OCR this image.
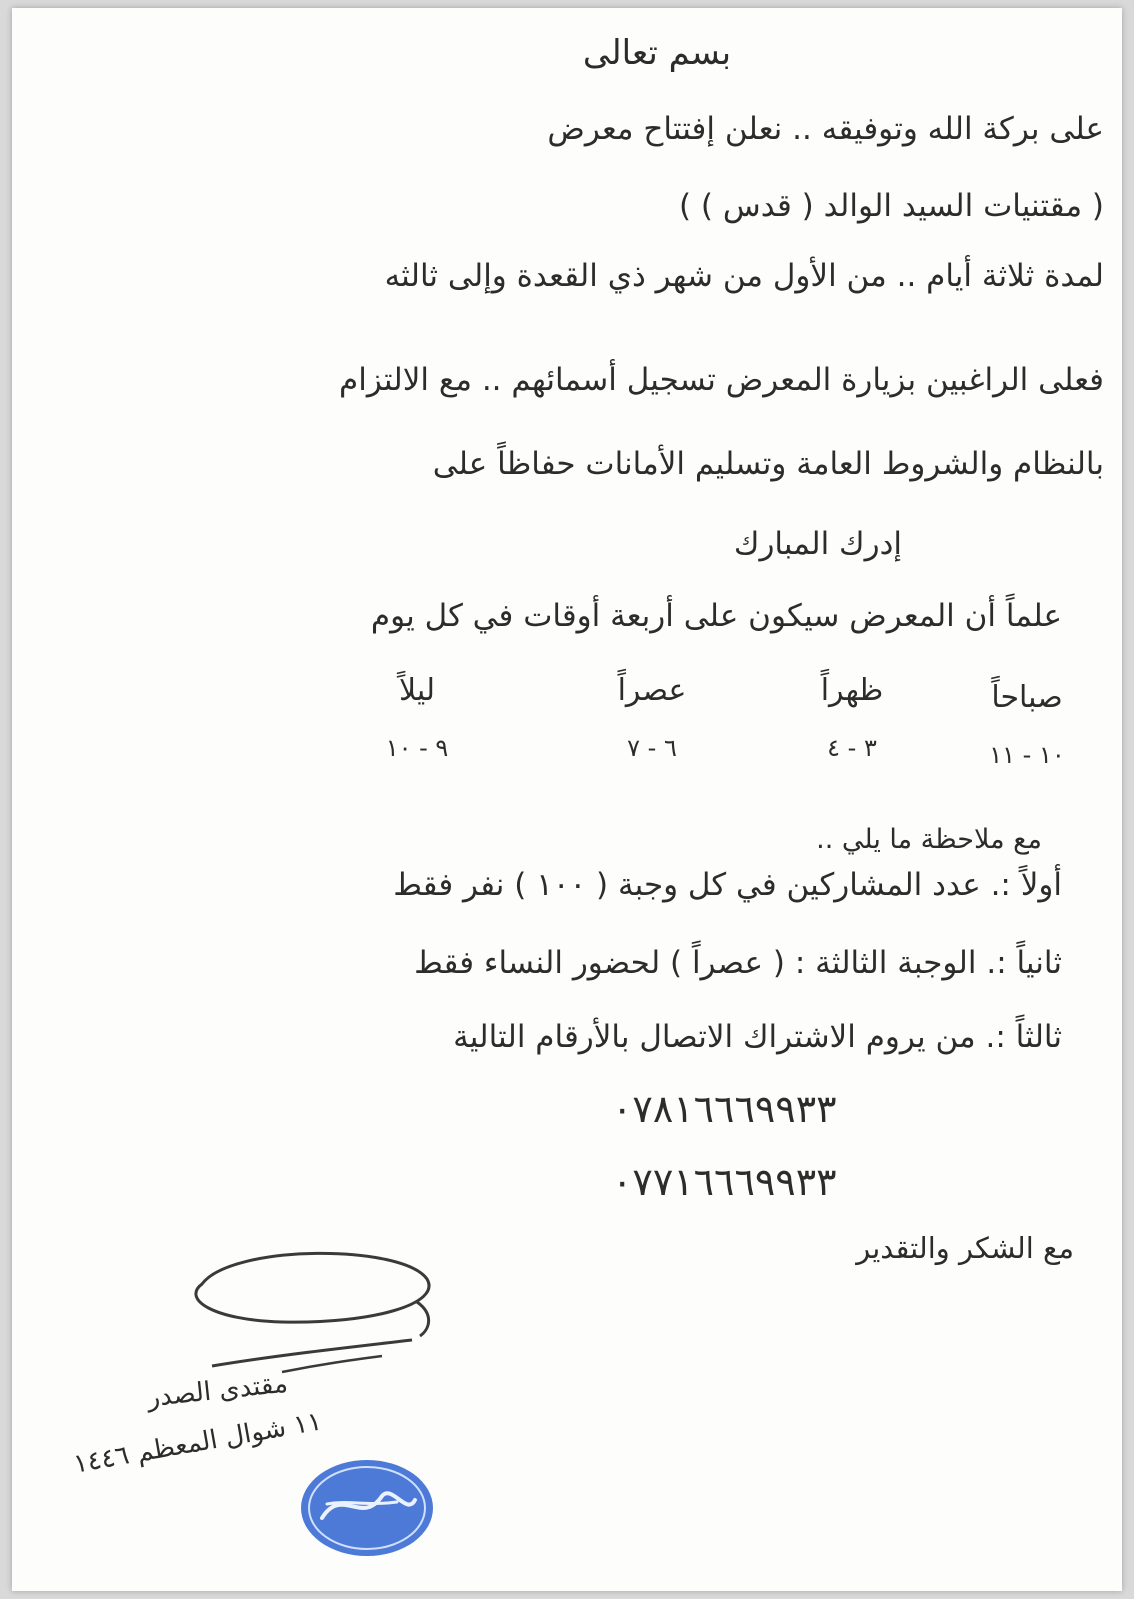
بسم تعالى
على بركة الله وتوفيقه .. نعلن إفتتاح معرض
( مقتنيات السيد الوالد ( قدس ) )
لمدة ثلاثة أيام .. من الأول من شهر ذي القعدة وإلى ثالثه
فعلى الراغبين بزيارة المعرض تسجيل أسمائهم .. مع الالتزام
بالنظام والشروط العامة وتسليم الأمانات حفاظاً على
إدرك المبارك
علماً أن المعرض سيكون على أربعة أوقات في كل يوم
صباحاً
١٠ - ١١
ظهراً
٣ - ٤
عصراً
٦ - ٧
ليلاً
٩ - ١٠
مع ملاحظة ما يلي ..
أولاً :. عدد المشاركين في كل وجبة ( ١٠٠ ) نفر فقط
ثانياً :. الوجبة الثالثة : ( عصراً ) لحضور النساء فقط
ثالثاً :. من يروم الاشتراك الاتصال بالأرقام التالية
٠٧٨١٦٦٦٩٩٣٣
٠٧٧١٦٦٦٩٩٣٣
مع الشكر والتقدير
مقتدى الصدر
١١ شوال المعظم ١٤٤٦
